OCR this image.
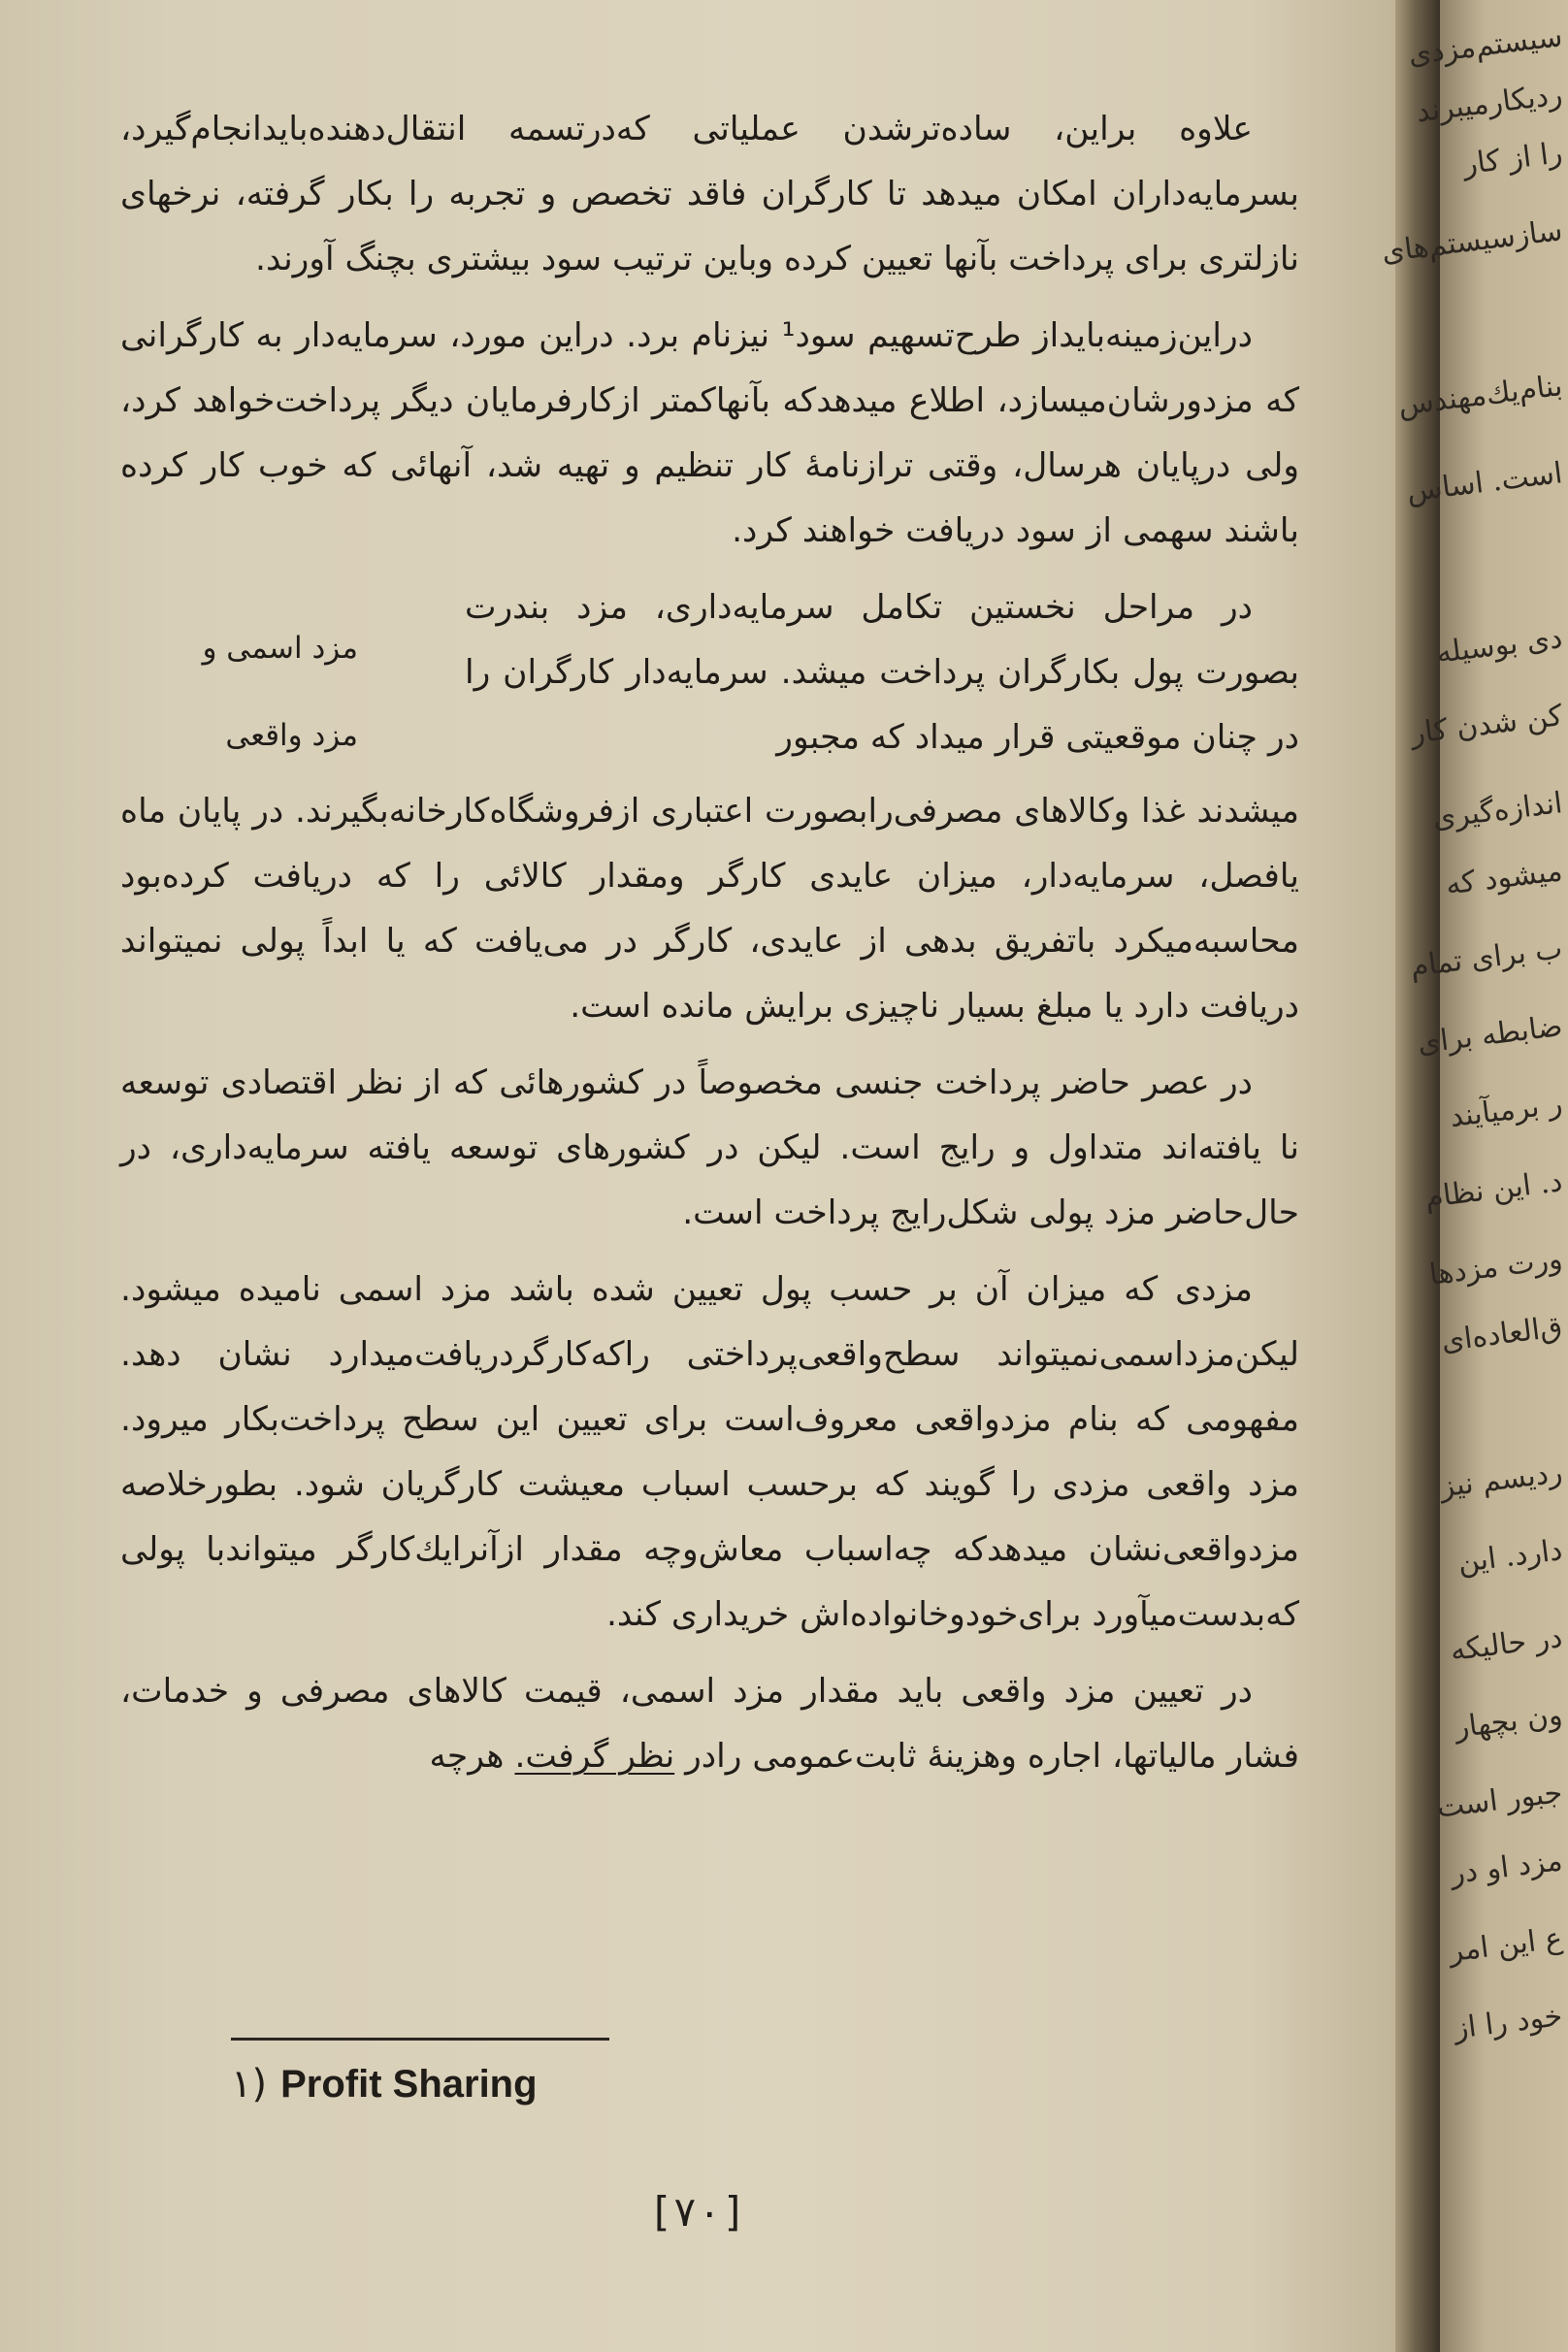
علاوه براین، ساده‌ترشدن عملیاتی که‌درتسمه انتقال‌دهنده‌بایدانجام‌گیرد، بسرمایه‌داران امکان میدهد تا کارگران فاقد تخصص و تجربه را بکار گرفته، نرخهای نازلتری برای پرداخت بآنها تعیین کرده وباین ترتیب سود بیشتری بچنگ آورند.

دراین‌زمینه‌بایداز طرح‌تسهیم سود¹ نیزنام برد. دراین مورد، سرمایه‌دار به کارگرانی که مزدورشان‌میسازد، اطلاع میدهدکه بآنهاکمتر ازکارفرمایان دیگر پرداخت‌خواهد کرد، ولی درپایان هرسال، وقتی ترازنامهٔ کار تنظیم و تهیه شد، آنهائی که خوب کار کرده باشند سهمی از سود دریافت خواهند کرد.

در مراحل نخستین تکامل سرمایه‌داری، مزد بندرت بصورت پول بکارگران پرداخت میشد. سرمایه‌دار کارگران را در چنان موقعیتی قرار میداد که مجبور
مزد اسمی و
مزد واقعی

میشدند غذا وکالاهای مصرفی‌رابصورت اعتباری ازفروشگاه‌کارخانه‌بگیرند. در پایان ماه یافصل، سرمایه‌دار، میزان عایدی کارگر ومقدار کالائی را که دریافت کرده‌بود محاسبه‌میکرد باتفریق بدهی از عایدی، کارگر در می‌یافت که یا ابداً پولی نمیتواند دریافت دارد یا مبلغ بسیار ناچیزی برایش مانده است.

در عصر حاضر پرداخت جنسی مخصوصاً در کشورهائی که از نظر اقتصادی توسعه نا یافته‌اند متداول و رایج است. لیکن در کشورهای توسعه یافته سرمایه‌داری، در حال‌حاضر مزد پولی شکل‌رایج پرداخت است.

مزدی که میزان آن بر حسب پول تعیین شده باشد مزد اسمی نامیده میشود. لیکن‌مزداسمی‌نمیتواند سطح‌واقعی‌پرداختی راکه‌کارگردریافت‌میدارد نشان دهد. مفهومی که بنام مزدواقعی معروف‌است برای تعیین این سطح پرداخت‌بکار میرود. مزد واقعی مزدی را گویند که برحسب اسباب معیشت کارگریان شود. بطورخلاصه مزدواقعی‌نشان میدهدکه چه‌اسباب معاش‌وچه مقدار ازآنرایك‌کارگر میتواندبا پولی که‌بدست‌میآورد برای‌خودوخانواده‌اش خریداری کند.

در تعیین مزد واقعی باید مقدار مزد اسمی، قیمت کالاهای مصرفی و خدمات، فشار مالیاتها، اجاره وهزینهٔ ثابت‌عمومی رادر نظر گرفت. هرچه

١) Profit Sharing
[٧٠]
سیستم‌مزدی
ردیکارمیبرند
را از کار
سازسیستم‌های
بنام‌یك‌مهندس
است. اساس
دی بوسیله
کن شدن کار
اندازه‌گیری
میشود که
ب برای تمام
ضابطه برای
ر برمیآیند
د. این نظام
ورت مزدها
ق‌العاده‌ای
ردیسم نیز
دارد. این
در حالیکه
ون بچهار
جبور است
مزد او در
ع این امر
خود را از
